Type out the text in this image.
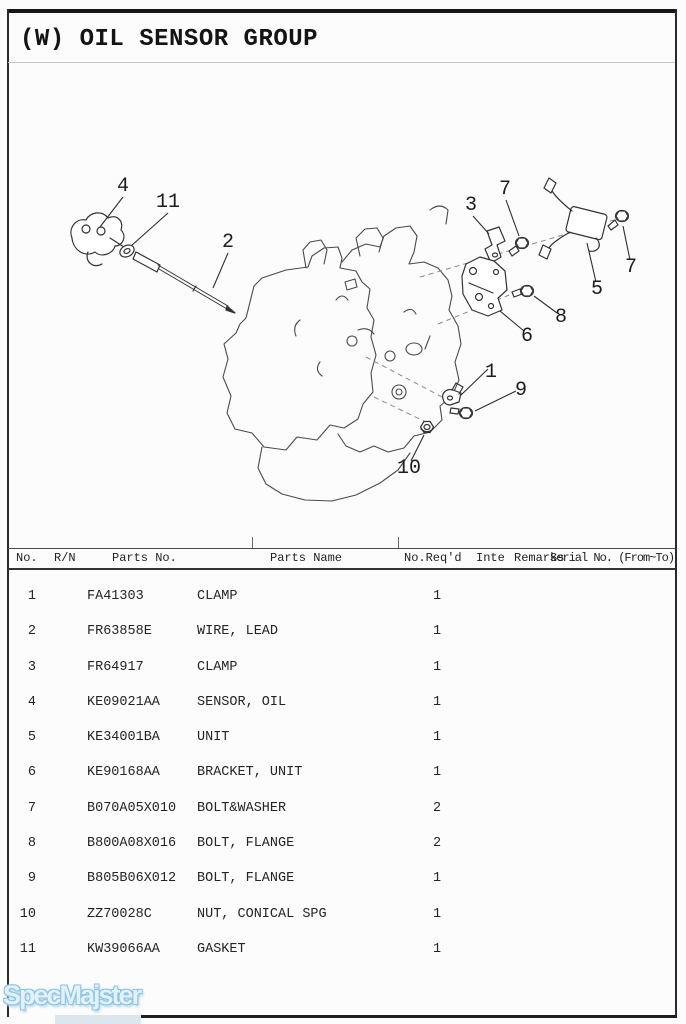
(W) OIL SENSOR GROUP
4
11
2
3
7
5
7
8
6
1
9
10
No. R/N	Parts No.	Parts Name	No.Req'd Inte Remarks
Serial No. (From~To)
1	FA41303	CLAMP	1
2	FR63858E	WIRE, LEAD	1
3	FR64917	CLAMP	1
4	KE09021AA	SENSOR, OIL	1
5	KE34001BA	UNIT	1
6	KE90168AA	BRACKET, UNIT	1
7	B070A05X010 BOLT&WASHER	2
8	B800A08X016 BOLT, FLANGE	2
9	B805B06X012 BOLT, FLANGE	1
10	ZZ70028C	NUT, CONICAL SPG	1
11	KW39066AA	GASKET	1
SpecMajster
